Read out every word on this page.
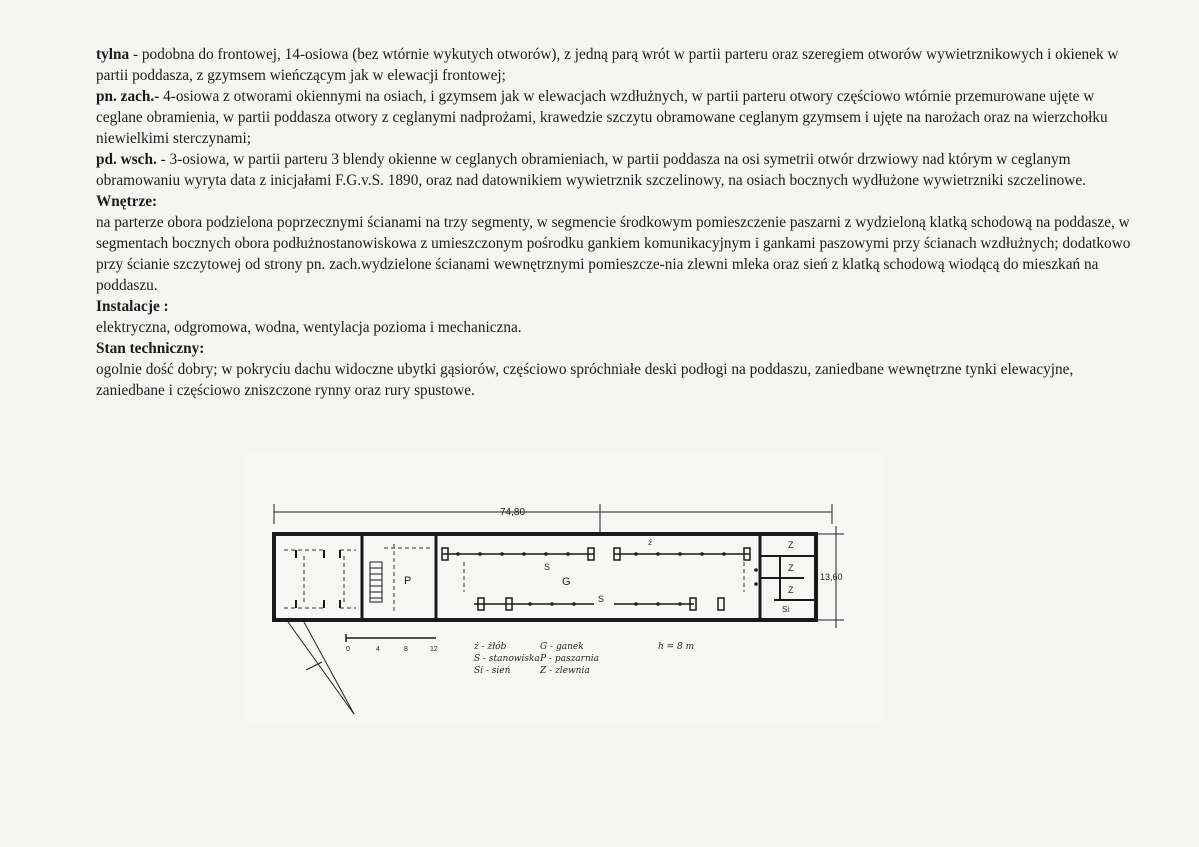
tylna - podobna do frontowej, 14-osiowa (bez wtórnie wykutych otworów), z jedną parą wrót w partii parteru oraz szeregiem otworów wywietrznikowych i okienek w partii poddasza, z gzymsem wieńczącym jak w elewacji frontowej;

pn. zach.- 4-osiowa z otworami okiennymi na osiach, i gzymsem jak w elewacjach wzdłużnych, w partii parteru otwory częściowo wtórnie przemurowane ujęte w ceglane obramienia, w partii poddasza otwory z ceglanymi nadprożami, krawedzie szczytu obramowane ceglanym gzymsem i ujęte na narożach oraz na wierzchołku niewielkimi sterczynami;

pd. wsch. - 3-osiowa, w partii parteru 3 blendy okienne w ceglanych obramieniach, w partii poddasza na osi symetrii otwór drzwiowy nad którym w ceglanym obramowaniu wyryta data z inicjałami F.G.v.S. 1890, oraz nad datownikiem wywietrznik szczelinowy, na osiach bocznych wydłużone wywietrzniki szczelinowe.

Wnętrze:
na parterze obora podzielona poprzecznymi ścianami na trzy segmenty, w segmencie środkowym pomieszczenie paszarni z wydzieloną klatką schodową na poddasze, w segmentach bocznych obora podłużnostanowiskowa z umieszczonym pośrodku gankiem komunikacyjnym i gankami paszowymi przy ścianach wzdłużnych; dodatkowo przy ścianie szczytowej od strony pn. zach.wydzielone ścianami wewnętrznymi pomieszcze-nia zlewni mleka oraz sień z klatką schodową wiodącą do mieszkań na poddaszu.

Instalacje :
elektryczna, odgromowa, wodna, wentylacja pozioma i mechaniczna.

Stan techniczny:
ogolnie dość dobry; w pokryciu dachu widoczne ubytki gąsiorów, częściowo spróchniałe deski podłogi na poddaszu, zaniedbane wewnętrzne tynki elewacyjne, zaniedbane i częściowo zniszczone rynny oraz rury spustowe.

74,80
13,60
P
S
G
S
ż	Z
Z
Z
Si
0	4	8	12	ż - żłób
S - stanowiska
Si - sień
G - ganek
P - paszarnia
Z - zlewnia
h = 8 m
